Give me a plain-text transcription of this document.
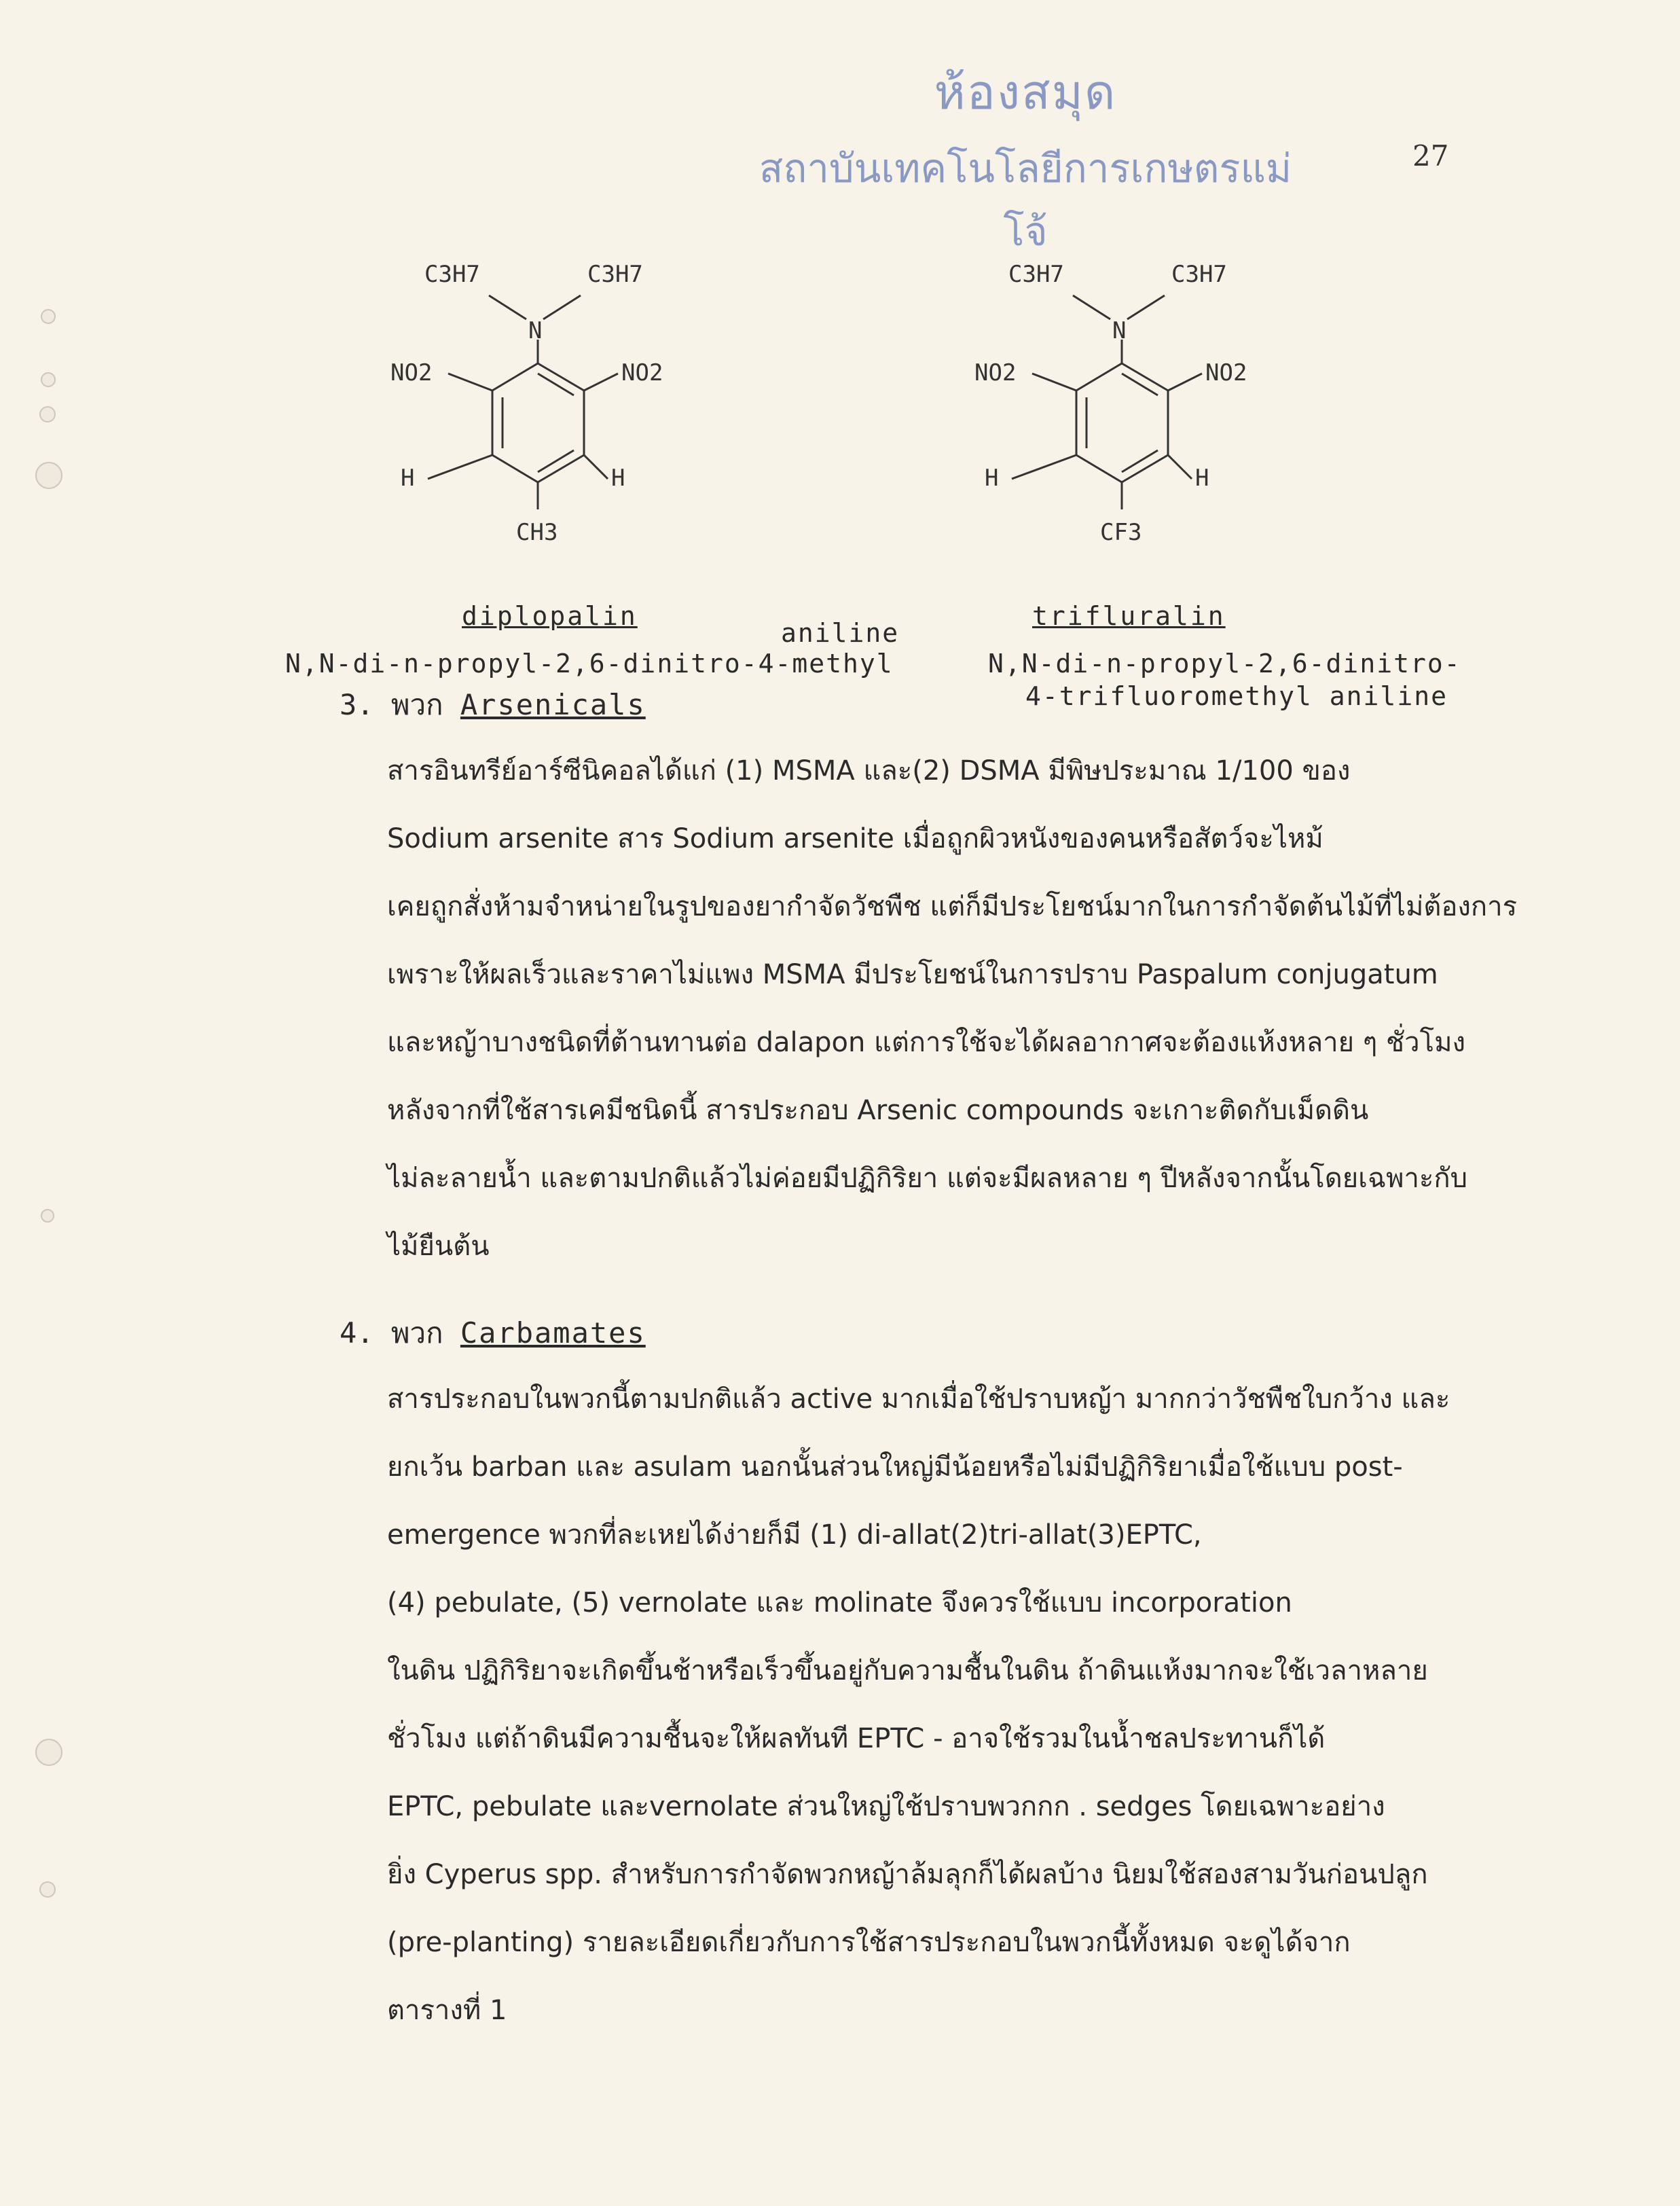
ห้องสมุด
สถาบันเทคโนโลยีการเกษตรแม่โจ้
27
C3H7	C3H7
N
NO2	NO2
H	H
CH3
C3H7	C3H7
N
NO2	NO2
H	H
CF3
diplopalin	trifluralin
aniline
N,N-di-n-propyl-2,6-dinitro-4-methyl	N,N-di-n-propyl-2,6-dinitro-
4-trifluoromethyl aniline
3. พวก Arsenicals

สารอินทรีย์อาร์ซีนิคอลได้แก่ (1) MSMA และ(2) DSMA มีพิษประมาณ 1/100 ของ

Sodium arsenite สาร Sodium arsenite เมื่อถูกผิวหนังของคนหรือสัตว์จะไหม้

เคยถูกสั่งห้ามจำหน่ายในรูปของยากำจัดวัชพืช แต่ก็มีประโยชน์มากในการกำจัดต้นไม้ที่ไม่ต้องการ

เพราะให้ผลเร็วและราคาไม่แพง MSMA มีประโยชน์ในการปราบ Paspalum conjugatum

และหญ้าบางชนิดที่ต้านทานต่อ dalapon แต่การใช้จะได้ผลอากาศจะต้องแห้งหลาย ๆ ชั่วโมง

หลังจากที่ใช้สารเคมีชนิดนี้ สารประกอบ Arsenic compounds จะเกาะติดกับเม็ดดิน

ไม่ละลายน้ำ และตามปกติแล้วไม่ค่อยมีปฏิกิริยา แต่จะมีผลหลาย ๆ ปีหลังจากนั้นโดยเฉพาะกับ

ไม้ยืนต้น

4. พวก Carbamates

สารประกอบในพวกนี้ตามปกติแล้ว active มากเมื่อใช้ปราบหญ้า มากกว่าวัชพืชใบกว้าง และ

ยกเว้น barban และ asulam นอกนั้นส่วนใหญ่มีน้อยหรือไม่มีปฏิกิริยาเมื่อใช้แบบ post-

emergence พวกที่ละเหยได้ง่ายก็มี (1) di-allat(2)tri-allat(3)EPTC,

(4) pebulate, (5) vernolate และ molinate จึงควรใช้แบบ incorporation

ในดิน ปฏิกิริยาจะเกิดขึ้นช้าหรือเร็วขึ้นอยู่กับความชื้นในดิน ถ้าดินแห้งมากจะใช้เวลาหลาย

ชั่วโมง แต่ถ้าดินมีความชื้นจะให้ผลทันที EPTC - อาจใช้รวมในน้ำชลประทานก็ได้

EPTC, pebulate และvernolate ส่วนใหญ่ใช้ปราบพวกกก . sedges โดยเฉพาะอย่าง

ยิ่ง Cyperus spp. สำหรับการกำจัดพวกหญ้าล้มลุกก็ได้ผลบ้าง นิยมใช้สองสามวันก่อนปลูก

(pre-planting) รายละเอียดเกี่ยวกับการใช้สารประกอบในพวกนี้ทั้งหมด จะดูได้จาก

ตารางที่ 1
